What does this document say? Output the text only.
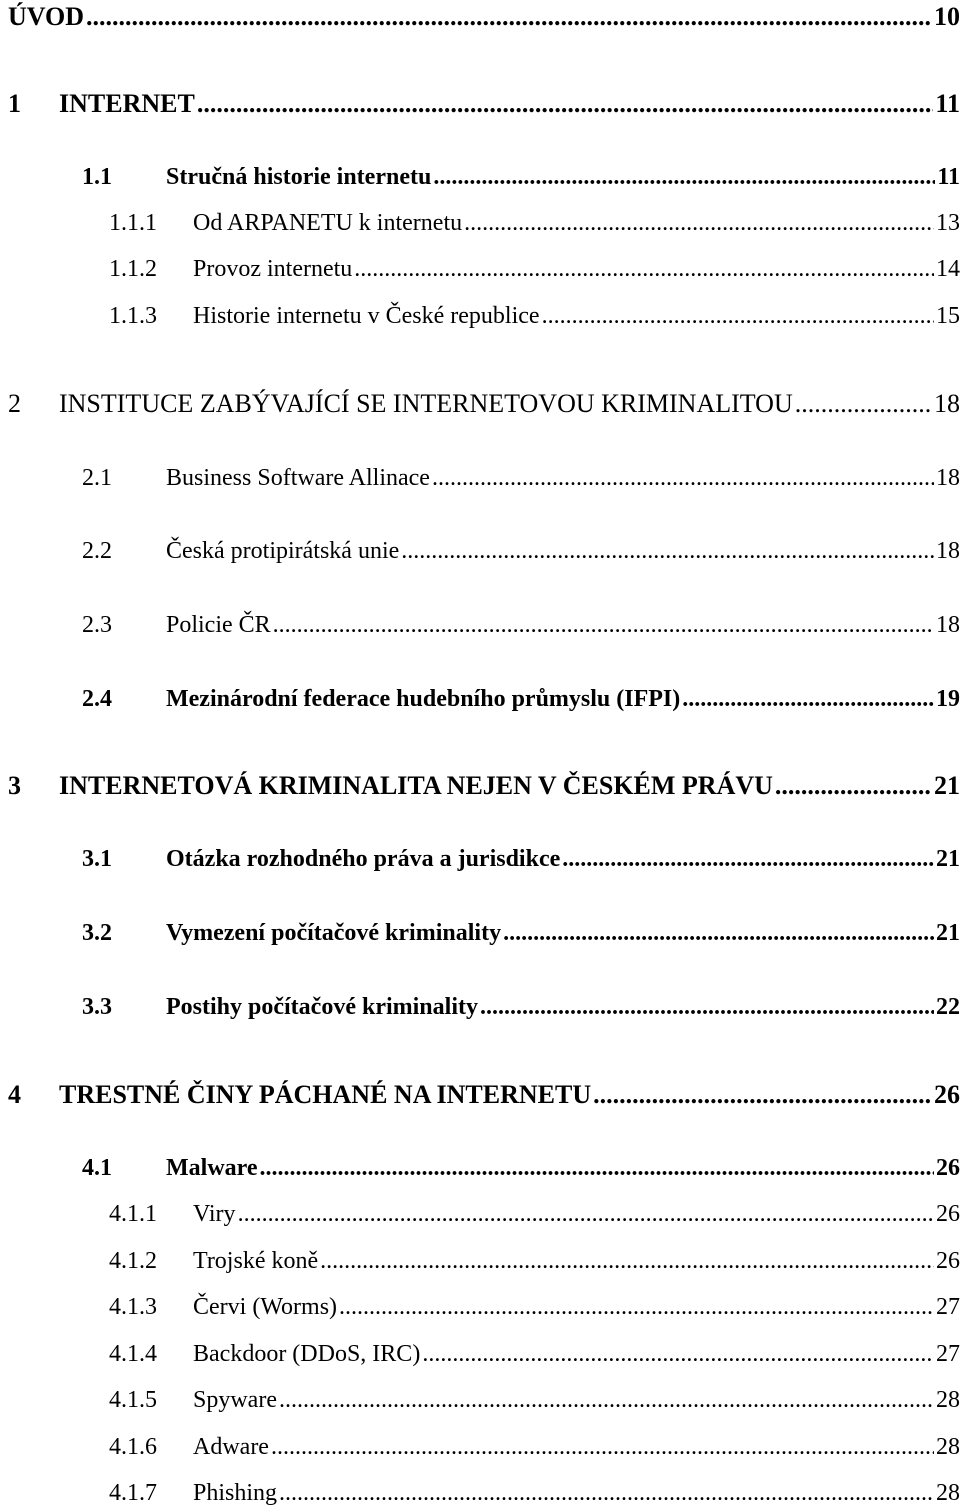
ÚVOD .....	10
1	INTERNET .....	11
1.1	Stručná historie internetu .....	11
1.1.1	Od ARPANETU k internetu .....	13
1.1.2	Provoz internetu .....	14
1.1.3	Historie internetu v České republice .....	15
2	INSTITUCE ZABÝVAJÍCÍ SE INTERNETOVOU KRIMINALITOU .....	18
2.1	Business Software Allinace .....	18
2.2	Česká protipirátská unie .....	18
2.3	Policie ČR .....	18
2.4	Mezinárodní federace hudebního průmyslu (IFPI) .....	19
3	INTERNETOVÁ KRIMINALITA NEJEN V ČESKÉM PRÁVU .....	21
3.1	Otázka rozhodného práva a jurisdikce .....	21
3.2	Vymezení počítačové kriminality .....	21
3.3	Postihy počítačové kriminality .....	22
4	TRESTNÉ ČINY PÁCHANÉ NA INTERNETU .....	26
4.1	Malware .....	26
4.1.1	Viry .....	26
4.1.2	Trojské koně .....	26
4.1.3	Červi (Worms) .....	27
4.1.4	Backdoor (DDoS, IRC) .....	27
4.1.5	Spyware .....	28
4.1.6	Adware .....	28
4.1.7	Phishing .....	28
